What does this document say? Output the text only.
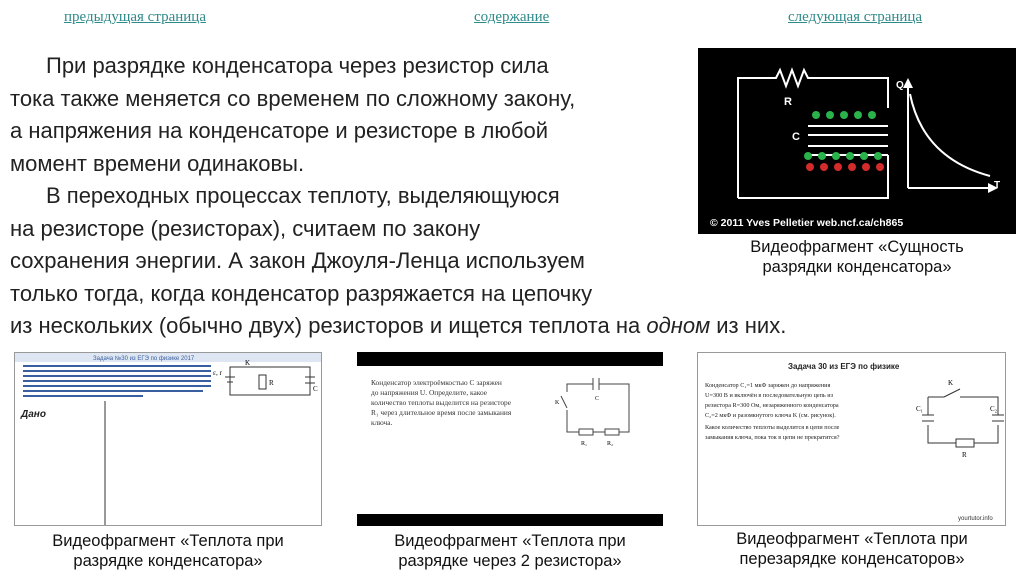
предыдущая страница	содержание	следующая страница
При разрядке конденсатора через резистор сила
тока также меняется со временем по сложному закону,
а напряжения на конденсаторе и резисторе в любой
момент времени одинаковы.
В переходных процессах теплоту, выделяющуюся
на резисторе (резисторах), считаем по закону
сохранения энергии. А закон Джоуля-Ленца используем
только тогда, когда конденсатор разряжается на цепочку
из нескольких (обычно двух) резисторов и ищется теплота на одном из них.
R
C
Q
T
© 2011 Yves Pelletier web.ncf.ca/ch865
Видеофрагмент «Сущность
разрядки конденсатора»
Задача №30 из ЕГЭ по физике 2017
Дано
ε, r
K
R
C
Видеофрагмент «Теплота при
разрядке конденсатора»
Конденсатор электроёмкостью C заряжен
до напряжения U. Определите, какое
количество теплоты выделится на резисторе
R₁ через длительное время после замыкания
ключа.
C
K
R₁	R₂
Видеофрагмент «Теплота при
разрядке через 2 резистора»
Задача 30 из ЕГЭ по физике
Конденсатор C₁=1 мкФ заряжен до напряжения
U=300 В и включён в последовательную цепь из
резистора R=300 Ом, незаряженного конденсатора
C₂=2 мкФ и разомкнутого ключа K (см. рисунок).
Какое количество теплоты выделится в цепи после
замыкания ключа, пока ток в цепи не прекратится?
K
C₁	C₂
R
yourtutor.info
Видеофрагмент «Теплота при
перезарядке конденсаторов»
